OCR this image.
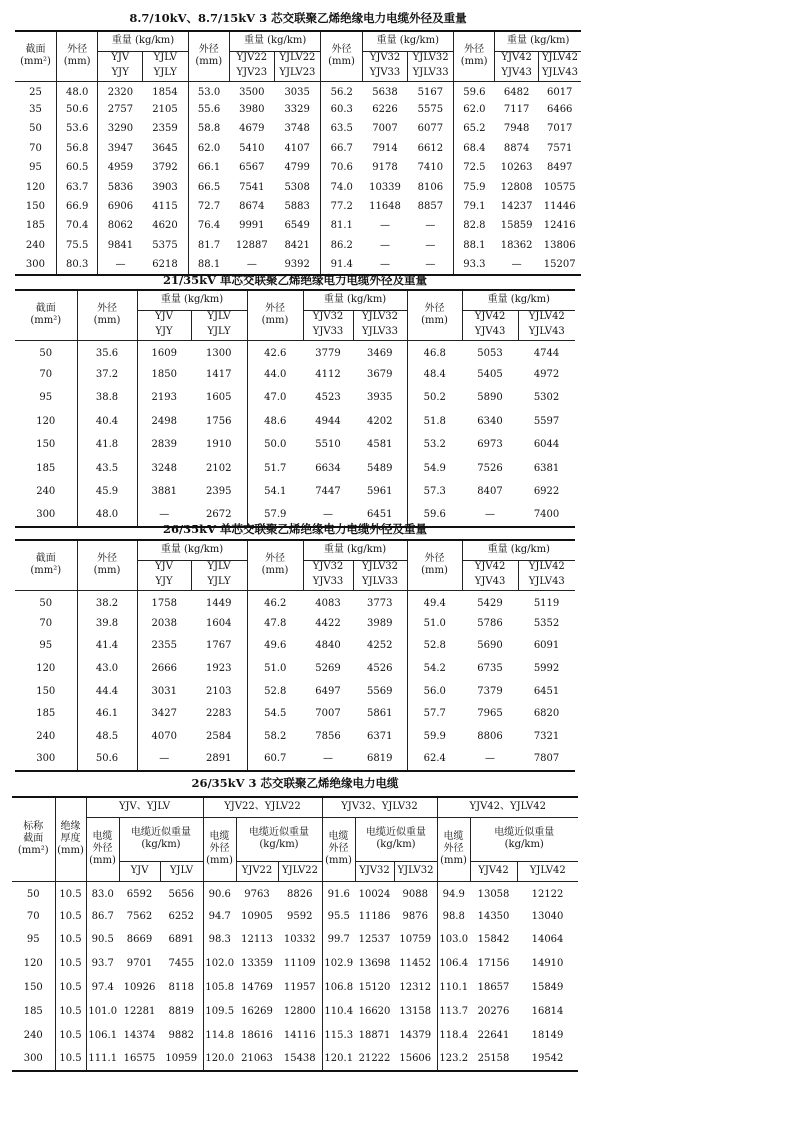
8.7/10kV、8.7/15kV 3 芯交联聚乙烯绝缘电力电缆外径及重量
截面
(mm²)	外径
(mm)	重量 (kg/km)		外径
(mm)	重量 (kg/km)		外径
(mm)	重量 (kg/km)		外径
(mm)	重量 (kg/km)	
		YJV	YJLV		YJV22	YJLV22		YJV32	YJLV32		YJV42	YJLV42
		YJY	YJLY		YJV23	YJLV23		YJV33	YJLV33		YJV43	YJLV43
25	48.0	2320	1854	53.0	3500	3035	56.2	5638	5167	59.6	6482	6017
35	50.6	2757	2105	55.6	3980	3329	60.3	6226	5575	62.0	7117	6466
50	53.6	3290	2359	58.8	4679	3748	63.5	7007	6077	65.2	7948	7017
70	56.8	3947	3645	62.0	5410	4107	66.7	7914	6612	68.4	8874	7571
95	60.5	4959	3792	66.1	6567	4799	70.6	9178	7410	72.5	10263	8497
120	63.7	5836	3903	66.5	7541	5308	74.0	10339	8106	75.9	12808	10575
150	66.9	6906	4115	72.7	8674	5883	77.2	11648	8857	79.1	14237	11446
185	70.4	8062	4620	76.4	9991	6549	81.1	—	—	82.8	15859	12416
240	75.5	9841	5375	81.7	12887	8421	86.2	—	—	88.1	18362	13806
300	80.3	—	6218	88.1	—	9392	91.4	—	—	93.3	—	15207
21/35kV 单芯交联聚乙烯绝缘电力电缆外径及重量
截面
(mm²)	外径
(mm)	重量 (kg/km)		外径
(mm)	重量 (kg/km)		外径
(mm)	重量 (kg/km)	
		YJV	YJLV		YJV32	YJLV32		YJV42	YJLV42
		YJY	YJLY		YJV33	YJLV33		YJV43	YJLV43
50	35.6	1609	1300	42.6	3779	3469	46.8	5053	4744
70	37.2	1850	1417	44.0	4112	3679	48.4	5405	4972
95	38.8	2193	1605	47.0	4523	3935	50.2	5890	5302
120	40.4	2498	1756	48.6	4944	4202	51.8	6340	5597
150	41.8	2839	1910	50.0	5510	4581	53.2	6973	6044
185	43.5	3248	2102	51.7	6634	5489	54.9	7526	6381
240	45.9	3881	2395	54.1	7447	5961	57.3	8407	6922
300	48.0	—	2672	57.9	—	6451	59.6	—	7400
26/35kV 单芯交联聚乙烯绝缘电力电缆外径及重量
截面
(mm²)	外径
(mm)	重量 (kg/km)		外径
(mm)	重量 (kg/km)		外径
(mm)	重量 (kg/km)	
		YJV	YJLV		YJV32	YJLV32		YJV42	YJLV42
		YJY	YJLY		YJV33	YJLV33		YJV43	YJLV43
50	38.2	1758	1449	46.2	4083	3773	49.4	5429	5119
70	39.8	2038	1604	47.8	4422	3989	51.0	5786	5352
95	41.4	2355	1767	49.6	4840	4252	52.8	5690	6091
120	43.0	2666	1923	51.0	5269	4526	54.2	6735	5992
150	44.4	3031	2103	52.8	6497	5569	56.0	7379	6451
185	46.1	3427	2283	54.5	7007	5861	57.7	7965	6820
240	48.5	4070	2584	58.2	7856	6371	59.9	8806	7321
300	50.6	—	2891	60.7	—	6819	62.4	—	7807
26/35kV 3 芯交联聚乙烯绝缘电力电缆
标称
截面
(mm²)	绝缘
厚度
(mm)	YJV、YJLV			YJV22、YJLV22			YJV32、YJLV32			YJV42、YJLV42		
		电缆
外径
(mm)	电缆近似重量
(kg/km)		电缆
外径
(mm)	电缆近似重量
(kg/km)		电缆
外径
(mm)	电缆近似重量
(kg/km)		电缆
外径
(mm)	电缆近似重量
(kg/km)	
			YJV	YJLV		YJV22	YJLV22		YJV32	YJLV32		YJV42	YJLV42
50	10.5	83.0	6592	5656	90.6	9763	8826	91.6	10024	9088	94.9	13058	12122
70	10.5	86.7	7562	6252	94.7	10905	9592	95.5	11186	9876	98.8	14350	13040
95	10.5	90.5	8669	6891	98.3	12113	10332	99.7	12537	10759	103.0	15842	14064
120	10.5	93.7	9701	7455	102.0	13359	11109	102.9	13698	11452	106.4	17156	14910
150	10.5	97.4	10926	8118	105.8	14769	11957	106.8	15120	12312	110.1	18657	15849
185	10.5	101.0	12281	8819	109.5	16269	12800	110.4	16620	13158	113.7	20276	16814
240	10.5	106.1	14374	9882	114.8	18616	14116	115.3	18871	14379	118.4	22641	18149
300	10.5	111.1	16575	10959	120.0	21063	15438	120.1	21222	15606	123.2	25158	19542
